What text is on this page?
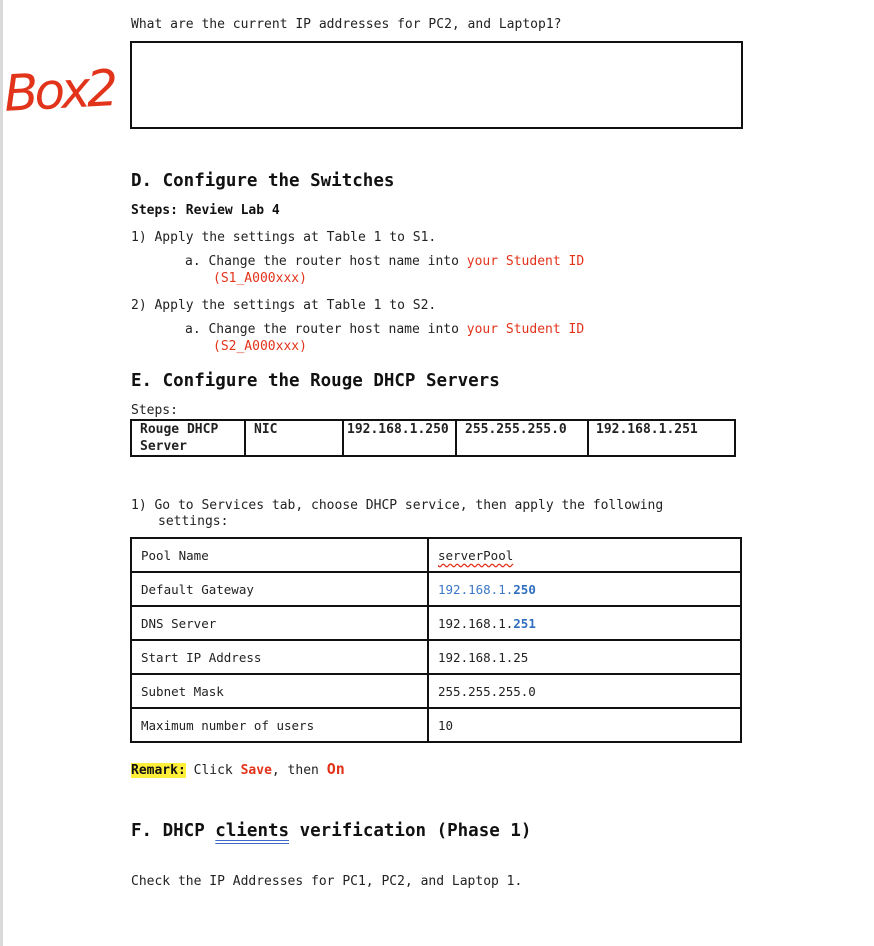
What are the current IP addresses for PC2, and Laptop1?
Box2
D. Configure the Switches
Steps: Review Lab 4
1) Apply the settings at Table 1 to S1.
a. Change the router host name into your Student ID
(S1_A000xxx)
2) Apply the settings at Table 1 to S2.
a. Change the router host name into your Student ID
(S2_A000xxx)
E. Configure the Rouge DHCP Servers
Steps:
Rouge DHCP Server	NIC	192.168.1.250	255.255.255.0	192.168.1.251
1) Go to Services tab, choose DHCP service, then apply the following
settings:
Pool Name	serverPool
Default Gateway	192.168.1.250
DNS Server	192.168.1.251
Start IP Address	192.168.1.25
Subnet Mask	255.255.255.0
Maximum number of users	10
Remark: Click Save, then On
F. DHCP clients verification (Phase 1)
Check the IP Addresses for PC1, PC2, and Laptop 1.
